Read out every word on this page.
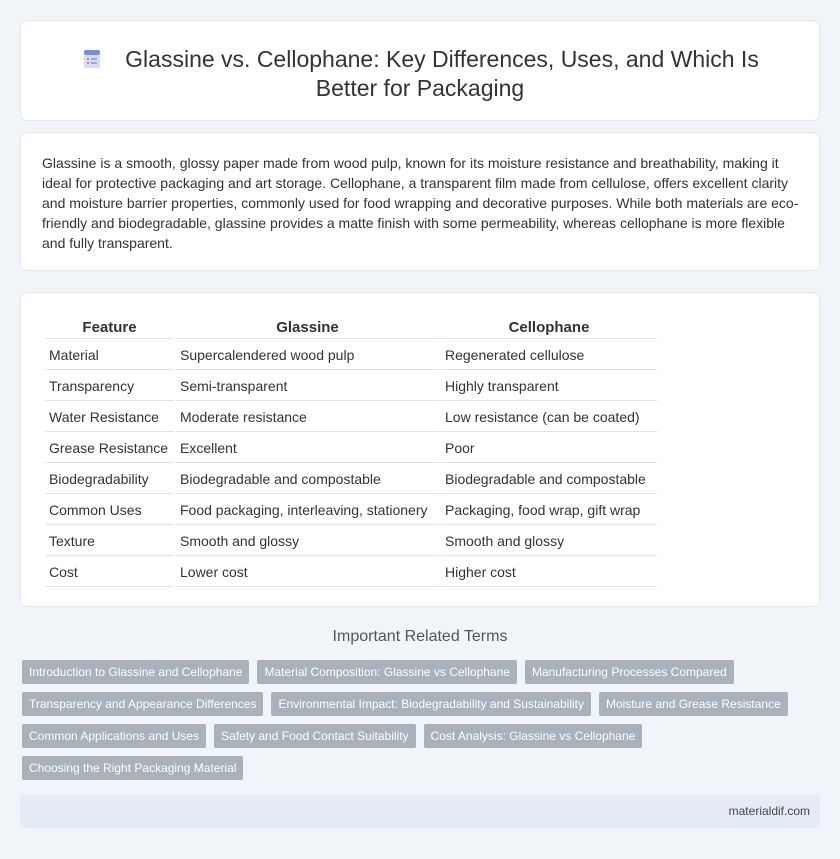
Glassine vs. Cellophane: Key Differences, Uses, and Which Is Better for Packaging

Glassine is a smooth, glossy paper made from wood pulp, known for its moisture resistance and breathability, making it ideal for protective packaging and art storage. Cellophane, a transparent film made from cellulose, offers excellent clarity and moisture barrier properties, commonly used for food wrapping and decorative purposes. While both materials are eco-friendly and biodegradable, glassine provides a matte finish with some permeability, whereas cellophane is more flexible and fully transparent.

Feature	Glassine	Cellophane
Material	Supercalendered wood pulp	Regenerated cellulose
Transparency	Semi-transparent	Highly transparent
Water Resistance	Moderate resistance	Low resistance (can be coated)
Grease Resistance	Excellent	Poor
Biodegradability	Biodegradable and compostable	Biodegradable and compostable
Common Uses	Food packaging, interleaving, stationery	Packaging, food wrap, gift wrap
Texture	Smooth and glossy	Smooth and glossy
Cost	Lower cost	Higher cost
Important Related Terms
Introduction to Glassine and Cellophane	Material Composition: Glassine vs Cellophane	Manufacturing Processes Compared
Transparency and Appearance Differences	Environmental Impact: Biodegradability and Sustainability	Moisture and Grease Resistance
Common Applications and Uses	Safety and Food Contact Suitability	Cost Analysis: Glassine vs Cellophane
Choosing the Right Packaging Material
materialdif.com
